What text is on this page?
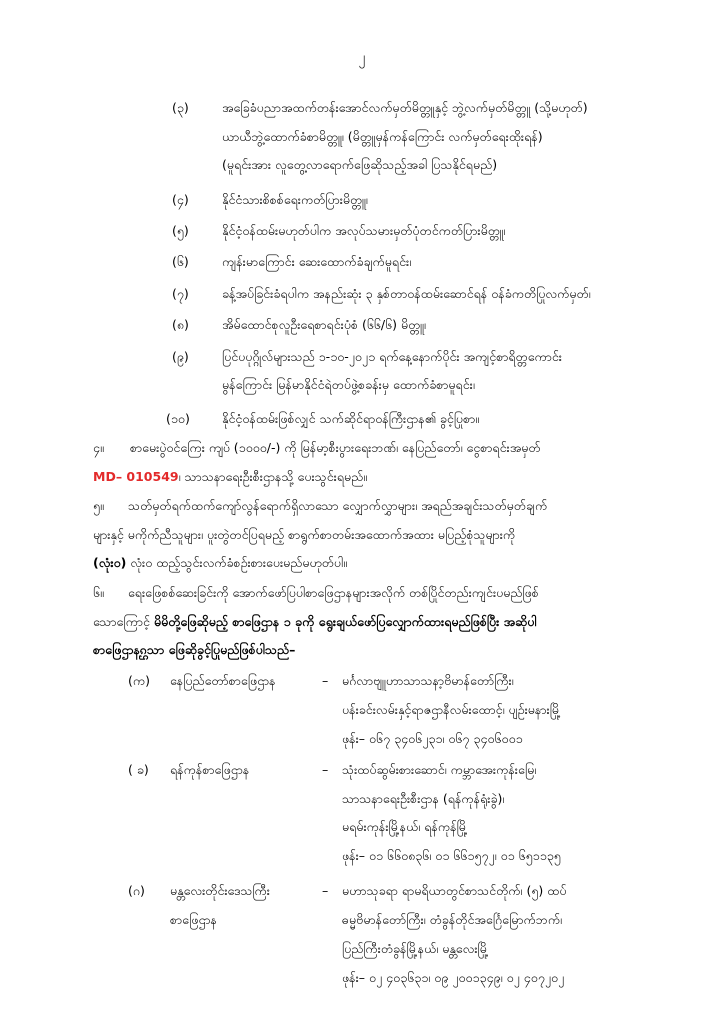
၂
(၃)	အခြေခံပညာအထက်တန်းအောင်လက်မှတ်မိတ္တူနှင့် ဘွဲ့လက်မှတ်မိတ္တူ (သို့မဟုတ်)
ယာယီဘွဲ့ထောက်ခံစာမိတ္တူ၊ (မိတ္တူမှန်ကန်ကြောင်း လက်မှတ်ရေးထိုးရန်)
(မူရင်းအား လူတွေ့လာရောက်ဖြေဆိုသည့်အခါ ပြသနိုင်ရမည်)
(၄)	နိုင်ငံသားစိစစ်ရေးကတ်ပြားမိတ္တူ၊
(၅)	နိုင်ငံ့ဝန်ထမ်းမဟုတ်ပါက အလုပ်သမားမှတ်ပုံတင်ကတ်ပြားမိတ္တူ၊
(၆)	ကျန်းမာကြောင်း ဆေးထောက်ခံချက်မူရင်း၊
(၇)	ခန့်အပ်ခြင်းခံရပါက အနည်းဆုံး ၃ နှစ်တာဝန်ထမ်းဆောင်ရန် ဝန်ခံကတိပြုလက်မှတ်၊
(၈)	အိမ်ထောင်စုလူဦးရေစာရင်းပုံစံ (၆၆/၆) မိတ္တူ၊
(၉)	ပြင်ပပုဂ္ဂိုလ်များသည် ၁-၁၀-၂၀၂၁ ရက်နေ့နောက်ပိုင်း အကျင့်စာရိတ္တကောင်း
မွန်ကြောင်း မြန်မာနိုင်ငံရဲတပ်ဖွဲ့စခန်းမှ ထောက်ခံစာမူရင်း၊
(၁၀)	နိုင်ငံ့ဝန်ထမ်းဖြစ်လျှင် သက်ဆိုင်ရာဝန်ကြီးဌာန၏ ခွင့်ပြုစာ။
၄။ စာမေးပွဲဝင်ကြေး ကျပ် (၁၀၀၀/-) ကို မြန်မာ့စီးပွားရေးဘဏ်၊ နေပြည်တော်၊ ငွေစာရင်းအမှတ်
MD– 010549၊ သာသနာရေးဦးစီးဌာနသို့ ပေးသွင်းရမည်။
၅။ သတ်မှတ်ရက်ထက်ကျော်လွန်ရောက်ရှိလာသော လျှောက်လွှာများ၊ အရည်အချင်းသတ်မှတ်ချက်
များနှင့် မကိုက်ညီသူများ၊ ပူးတွဲတင်ပြရမည့် စာရွက်စာတမ်းအထောက်အထား မပြည့်စုံသူများကို
(လုံးဝ) လုံးဝ ထည့်သွင်းလက်ခံစဉ်းစားပေးမည်မဟုတ်ပါ။
၆။ ရေးဖြေစစ်ဆေးခြင်းကို အောက်ဖော်ပြပါစာဖြေဌာနများအလိုက် တစ်ပြိုင်တည်းကျင်းပမည်ဖြစ်
သောကြောင့် မိမိတို့ဖြေဆိုမည့် စာဖြေဌာန ၁ ခုကို ရွေးချယ်ဖော်ပြလျှောက်ထားရမည်ဖြစ်ပြီး အဆိုပါ
စာဖြေဌာနၵ္ဌသာ ဖြေဆိုခွင့်ပြုမည်ဖြစ်ပါသည်–
(က) နေပြည်တော်စာဖြေဌာန	– မင်္ဂလာဗျူဟာသာသနာ့ဗိမာန်တော်ကြီး၊
ပန်းခင်းလမ်းနှင့်ရာဇဌာနီလမ်းထောင့်၊ ပျဉ်းမနားမြို့
ဖုန်း– ၀၆၇ ၃၄၀၆၂၃၁၊ ၀၆၇ ၃၄၀၆၀၀၁
( ခ) ရန်ကုန်စာဖြေဌာန	– သုံးထပ်ဆွမ်းစားဆောင်၊ ကမ္ဘာအေးကုန်းမြေ၊
သာသနာရေးဦးစီးဌာန (ရန်ကုန်ရုံးခွဲ)၊
မရမ်းကုန်းမြို့နယ်၊ ရန်ကုန်မြို့
ဖုန်း– ၀၁ ၆၆၀၈၃၆၊ ၀၁ ၆၆၁၅၇၂၊ ၀၁ ၆၅၁၁၃၅
(ဂ) မန္တလေးတိုင်းဒေသကြီး
စာဖြေဌာန
– မဟာသုခရာ ရာမ​ရိယာတွင်စာသင်တိုက်၊ (၅) ထပ်
ဓမ္မဗိမာန်တော်ကြီး၊ တံခွန်တိုင်အင်္ဂြေမြောက်ဘက်၊
ပြည်ကြီးတံခွန်မြို့နယ်၊ မန္တလေးမြို့
ဖုန်း– ၀၂ ၄၀၃၆၃၁၊ ၀၉ ၂၀၀၁၃၄၉၊ ၀၂ ၄၀၇၂၀၂
